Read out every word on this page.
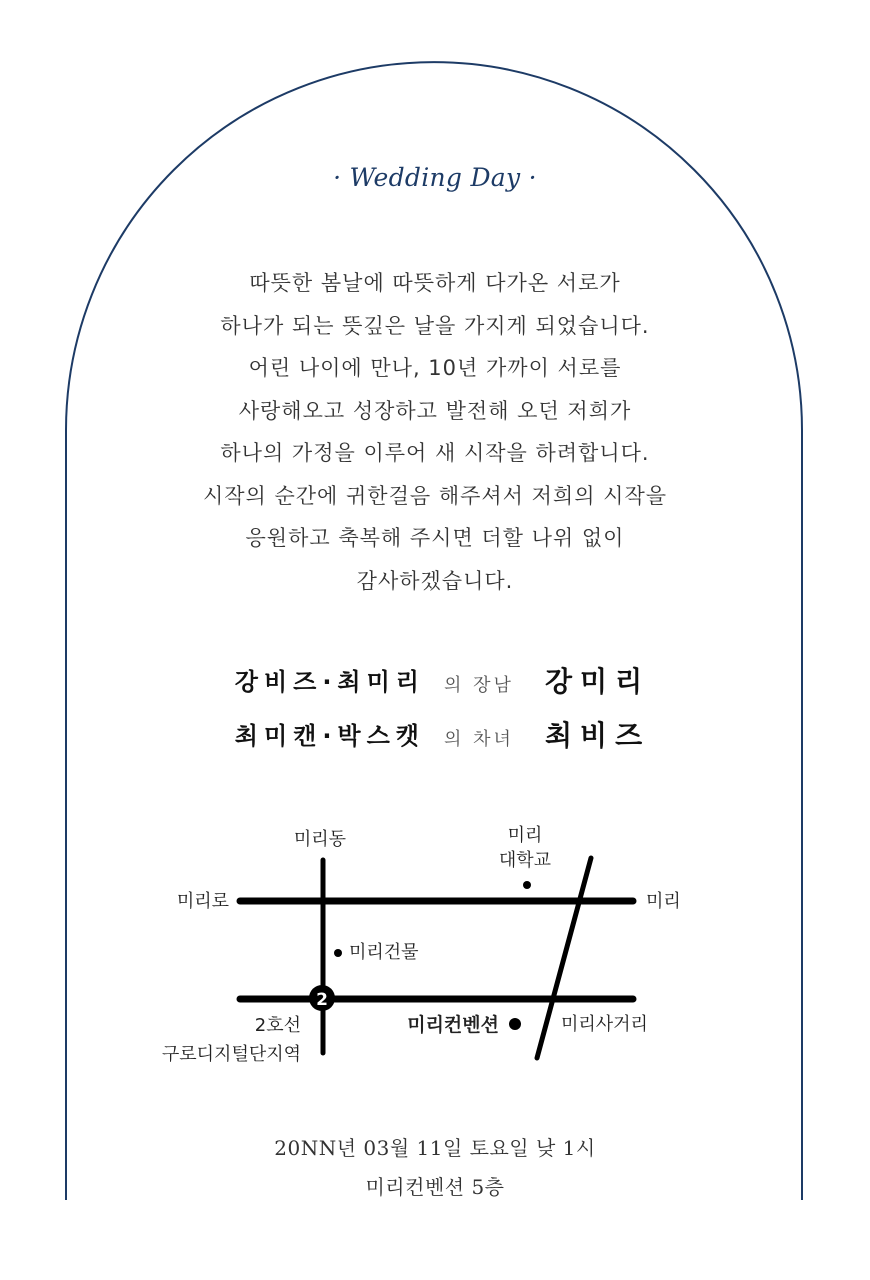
· Wedding Day ·
따뜻한 봄날에 따뜻하게 다가온 서로가
하나가 되는 뜻깊은 날을 가지게 되었습니다.
어린 나이에 만나, 10년 가까이 서로를
사랑해오고 성장하고 발전해 오던 저희가
하나의 가정을 이루어 새 시작을 하려합니다.
시작의 순간에 귀한걸음 해주셔서 저희의 시작을
응원하고 축복해 주시면 더할 나위 없이
감사하겠습니다.
강비즈·최미리 의 장남 강미리
최미캔·박스캣 의 차녀 최비즈
2
미리동	미리
대학교
미리로	미리
미리건물
2호선
구로디지털단지역
미리컨벤션	미리사거리
20NN년 03월 11일 토요일 낮 1시
미리컨벤션 5층
